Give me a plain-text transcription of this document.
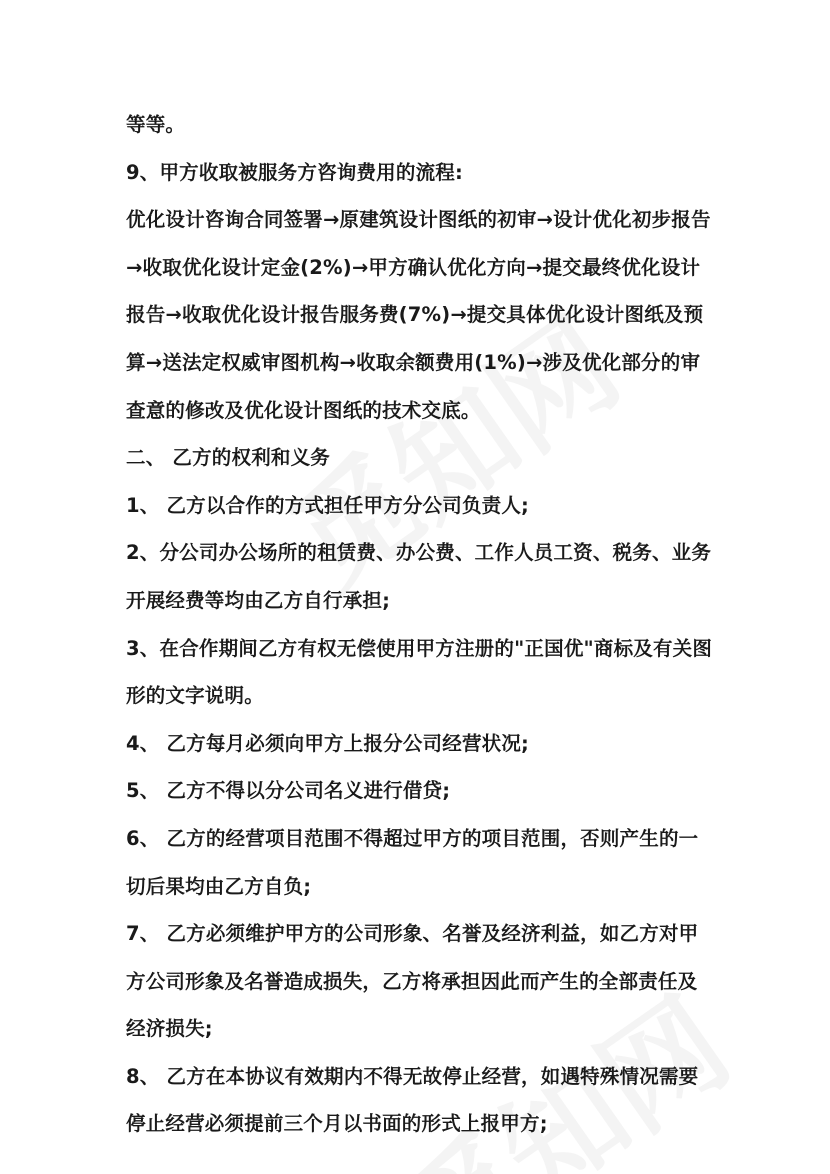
等等。

9、甲方收取被服务方咨询费用的流程:

优化设计咨询合同签署→原建筑设计图纸的初审→设计优化初步报告→收取优化设计定金(2%)→甲方确认优化方向→提交最终优化设计报告→收取优化设计报告服务费(7%)→提交具体优化设计图纸及预算→送法定权威审图机构→收取余额费用(1%)→涉及优化部分的审查意的修改及优化设计图纸的技术交底。

二、 乙方的权利和义务

1、 乙方以合作的方式担任甲方分公司负责人;

2、分公司办公场所的租赁费、办公费、工作人员工资、税务、业务开展经费等均由乙方自行承担;

3、在合作期间乙方有权无偿使用甲方注册的"正国优"商标及有关图形的文字说明。

4、 乙方每月必须向甲方上报分公司经营状况;

5、 乙方不得以分公司名义进行借贷;

6、 乙方的经营项目范围不得超过甲方的项目范围，否则产生的一切后果均由乙方自负;

7、 乙方必须维护甲方的公司形象、名誉及经济利益，如乙方对甲方公司形象及名誉造成损失，乙方将承担因此而产生的全部责任及经济损失;

8、 乙方在本协议有效期内不得无故停止经营，如遇特殊情况需要停止经营必须提前三个月以书面的形式上报甲方;
